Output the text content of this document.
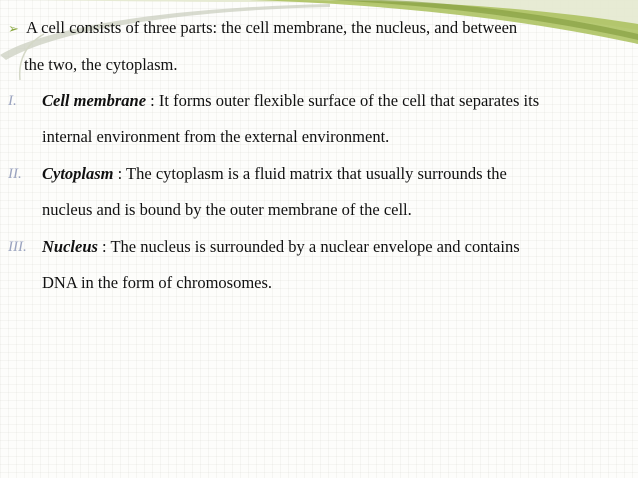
➢ A cell consists of three parts: the cell membrane, the nucleus, and between
the two, the cytoplasm.
I. Cell membrane : It forms outer flexible surface of the cell that separates its
internal environment from the external environment.
II. Cytoplasm : The cytoplasm is a fluid matrix that usually surrounds the
nucleus and is bound by the outer membrane of the cell.
III. Nucleus : The nucleus is surrounded by a nuclear envelope and contains
DNA in the form of chromosomes.
